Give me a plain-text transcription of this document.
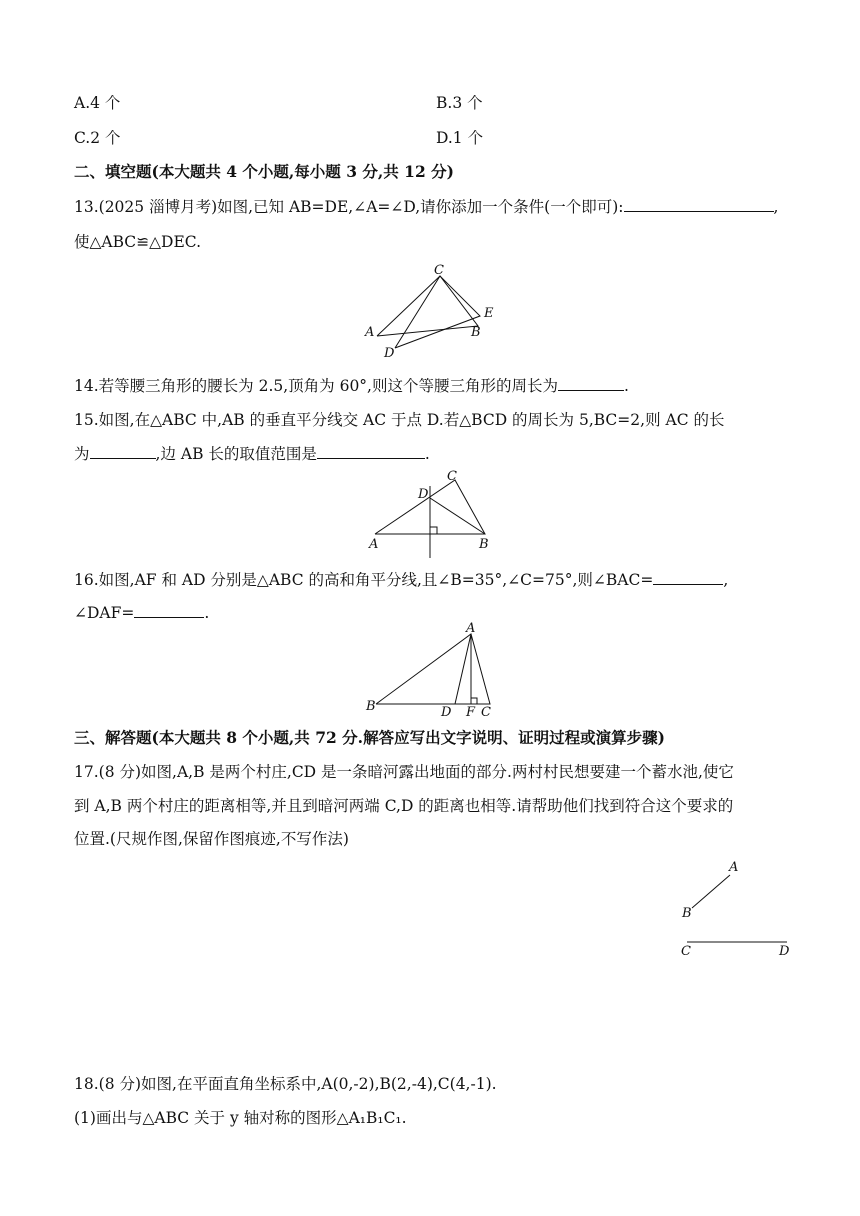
A.4 个	B.3 个
C.2 个	D.1 个
二、填空题(本大题共 4 个小题,每小题 3 分,共 12 分)
13.(2025 淄博月考)如图,已知 AB=DE,∠A=∠D,请你添加一个条件(一个即可):	,
使△ABC≌△DEC.
C
A	B
E
D
14.若等腰三角形的腰长为 2.5,顶角为 60°,则这个等腰三角形的周长为	.
15.如图,在△ABC 中,AB 的垂直平分线交 AC 于点 D.若△BCD 的周长为 5,BC=2,则 AC 的长
为	,边 AB 长的取值范围是	.
C
D
A	B
16.如图,AF 和 AD 分别是△ABC 的高和角平分线,且∠B=35°,∠C=75°,则∠BAC=	,
∠DAF=	.
A
B	D F C
三、解答题(本大题共 8 个小题,共 72 分.解答应写出文字说明、证明过程或演算步骤)
17.(8 分)如图,A,B 是两个村庄,CD 是一条暗河露出地面的部分.两村村民想要建一个蓄水池,使它
到 A,B 两个村庄的距离相等,并且到暗河两端 C,D 的距离也相等.请帮助他们找到符合这个要求的
位置.(尺规作图,保留作图痕迹,不写作法)
A
B
C	D
18.(8 分)如图,在平面直角坐标系中,A(0,-2),B(2,-4),C(4,-1).
(1)画出与△ABC 关于 y 轴对称的图形△A₁B₁C₁.
